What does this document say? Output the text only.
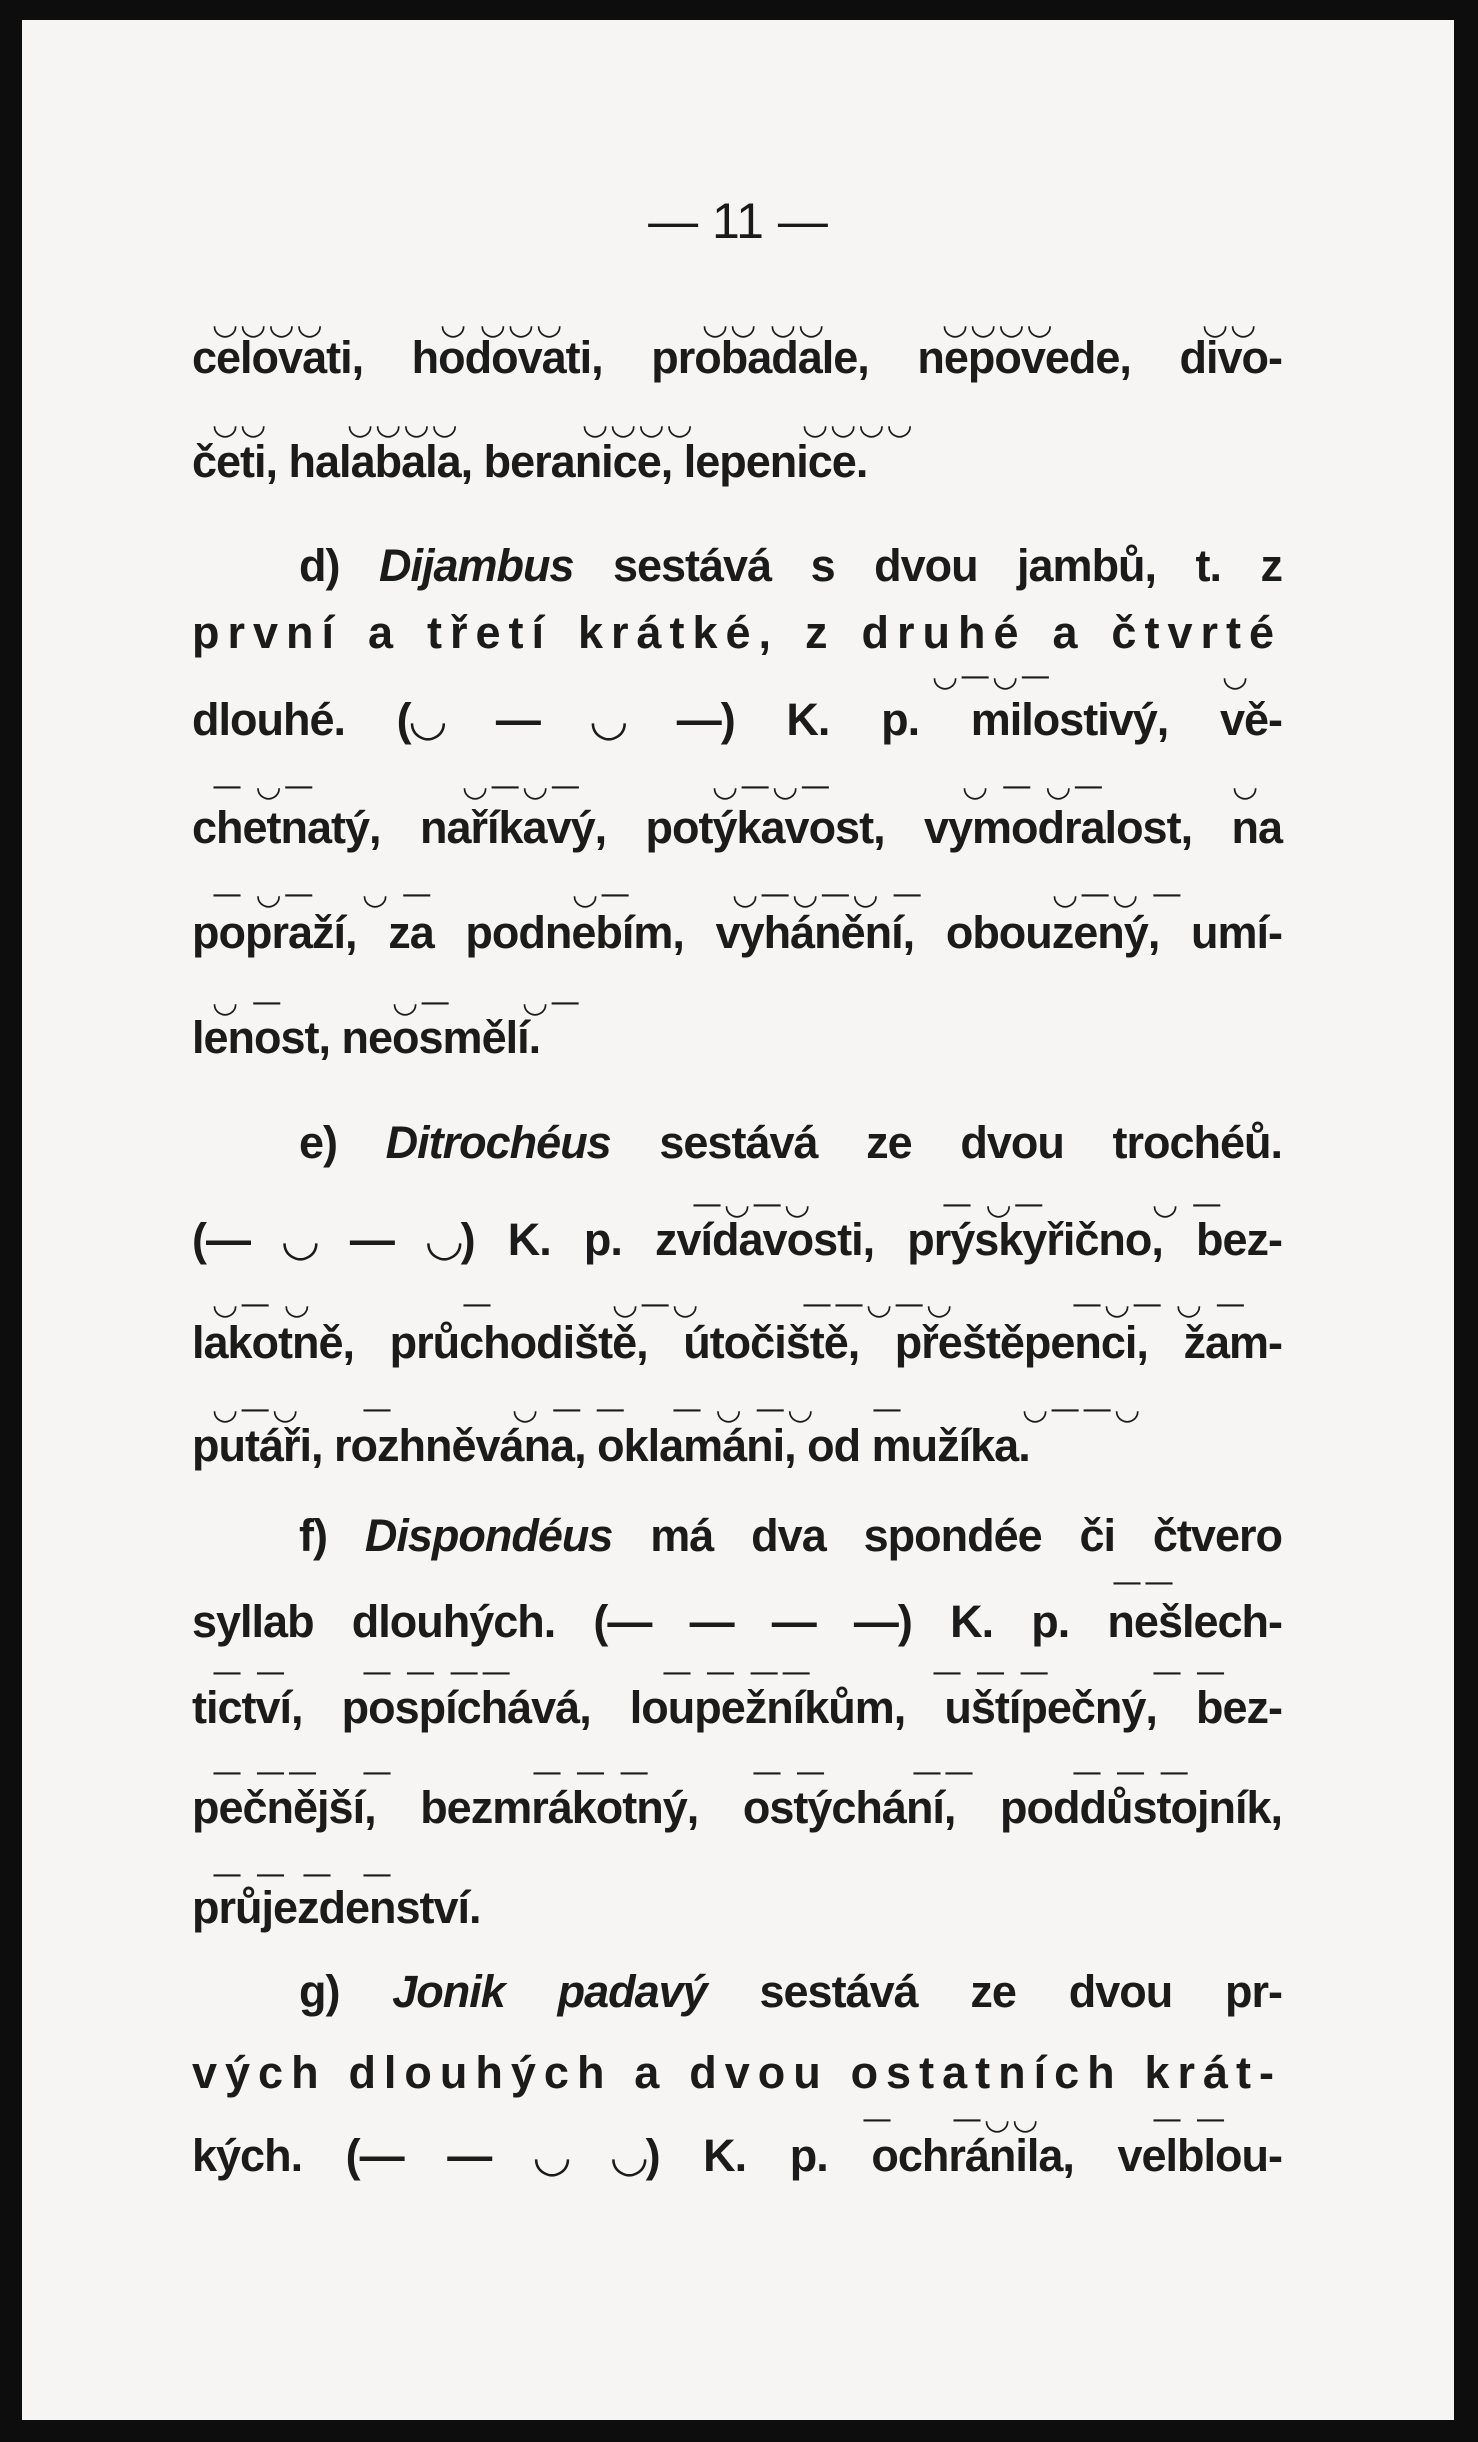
— 11 —
◡◡◡◡	◡ ◡◡◡	◡◡ ◡◡	◡◡◡◡	◡◡
celovati, hodovati, probadale, nepovede, divo-
◡◡	◡◡◡◡	◡◡◡◡	◡◡◡◡
četi, halabala, beranice, lepenice.
d) Dijambus sestává s dvou jambů, t. z
první a třetí krátké, z druhé a čtvrté
◡—◡—	◡
dlouhé. (◡ — ◡ —) K. p. milostivý, vě-
— ◡—	◡—◡—	◡—◡—	◡ — ◡—	◡
chetnatý, naříkavý, potýkavost, vymodralost, na
— ◡— ◡ —	◡—	◡—◡—◡ —	◡—◡ —
popraží, za podnebím, vyhánění, obouzený, umí-
◡ —	◡— ◡—
lenost, neosmělí.
e) Ditrochéus sestává ze dvou trochéů.
—◡—◡	— ◡—	◡ —
(— ◡ — ◡) K. p. zvídavosti, prýskyřično, bez-
◡— ◡	—	◡—◡	——◡—◡	—◡— ◡ —
lakotně, průchodiště, útočiště, přeštěpenci, žam-
◡—◡ —	◡ — — — ◡ —◡ —	◡——◡
putáři, rozhněvána, oklamáni, od mužíka.
f) Dispondéus má dva spondée či čtvero
——
syllab dlouhých. (— — — —) K. p. nešlech-
— — — — ——	— — ——	— — —	— —
tictví, pospíchává, loupežníkům, uštípečný, bez-
— —— —	— — —	— —	——	— — —
pečnější, bezmrákotný, ostýchání, poddůstojník,
— — — —
průjezdenství.
g) Jonik padavý sestává ze dvou pr-
vých dlouhých a dvou ostatních krát-
— —◡◡	— —
kých. (— — ◡ ◡) K. p. ochránila, velblou-
